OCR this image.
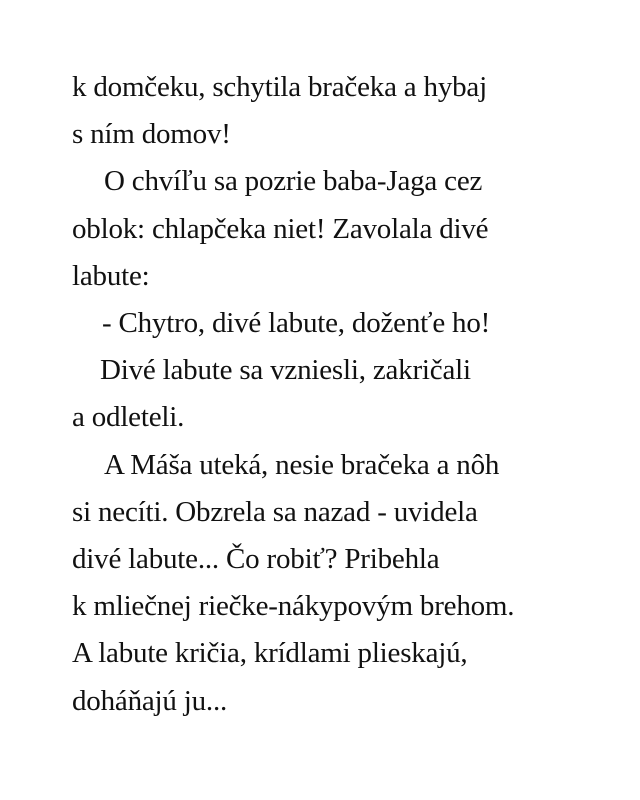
k domčeku, schytila bračeka a hybaj
s ním domov!
O chvíľu sa pozrie baba-Jaga cez
oblok: chlapčeka niet! Zavolala divé
labute:
- Chytro, divé labute, doženťe ho!
Divé labute sa vzniesli, zakričali
a odleteli.
A Máša uteká, nesie bračeka a nôh
si necíti. Obzrela sa nazad - uvidela
divé labute... Čo robiť? Pribehla
k mliečnej riečke-nákypovým brehom.
A labute kričia, krídlami plieskajú,
doháňajú ju...
